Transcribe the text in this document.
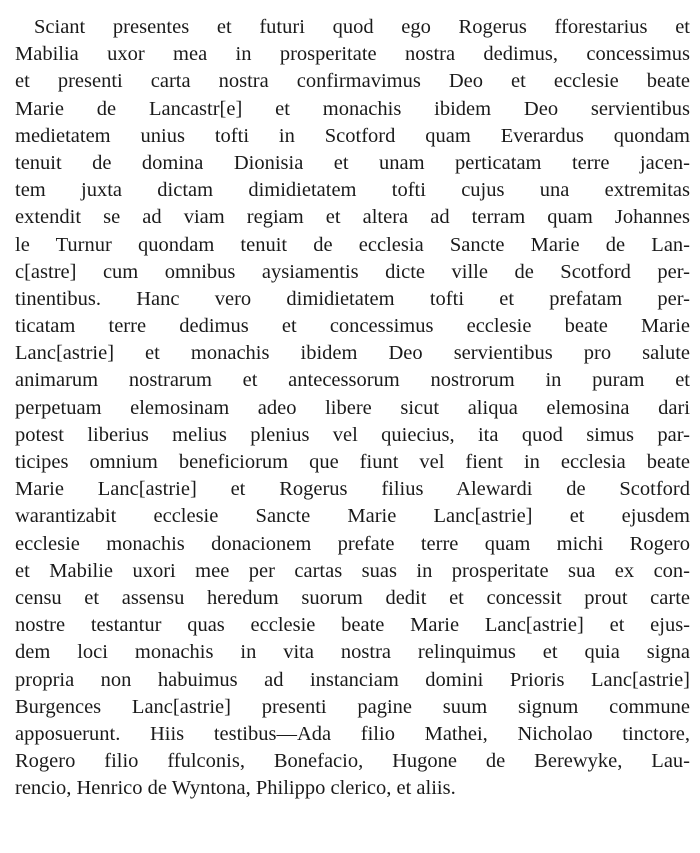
Sciant presentes et futuri quod ego Rogerus fforestarius et
Mabilia uxor mea in prosperitate nostra dedimus, concessimus
et presenti carta nostra confirmavimus Deo et ecclesie beate
Marie de Lancastr[e] et monachis ibidem Deo servientibus
medietatem unius tofti in Scotford quam Everardus quondam
tenuit de domina Dionisia et unam perticatam terre jacen-
tem juxta dictam dimidietatem tofti cujus una extremitas
extendit se ad viam regiam et altera ad terram quam Johannes
le Turnur quondam tenuit de ecclesia Sancte Marie de Lan-
c[astre] cum omnibus aysiamentis dicte ville de Scotford per-
tinentibus. Hanc vero dimidietatem tofti et prefatam per-
ticatam terre dedimus et concessimus ecclesie beate Marie
Lanc[astrie] et monachis ibidem Deo servientibus pro salute
animarum nostrarum et antecessorum nostrorum in puram et
perpetuam elemosinam adeo libere sicut aliqua elemosina dari
potest liberius melius plenius vel quiecius, ita quod simus par-
ticipes omnium beneficiorum que fiunt vel fient in ecclesia beate
Marie Lanc[astrie] et Rogerus filius Alewardi de Scotford
warantizabit ecclesie Sancte Marie Lanc[astrie] et ejusdem
ecclesie monachis donacionem prefate terre quam michi Rogero
et Mabilie uxori mee per cartas suas in prosperitate sua ex con-
censu et assensu heredum suorum dedit et concessit prout carte
nostre testantur quas ecclesie beate Marie Lanc[astrie] et ejus-
dem loci monachis in vita nostra relinquimus et quia signa
propria non habuimus ad instanciam domini Prioris Lanc[astrie]
Burgences Lanc[astrie] presenti pagine suum signum commune
apposuerunt. Hiis testibus—Ada filio Mathei, Nicholao tinctore,
Rogero filio ffulconis, Bonefacio, Hugone de Berewyke, Lau-
rencio, Henrico de Wyntona, Philippo clerico, et aliis.
